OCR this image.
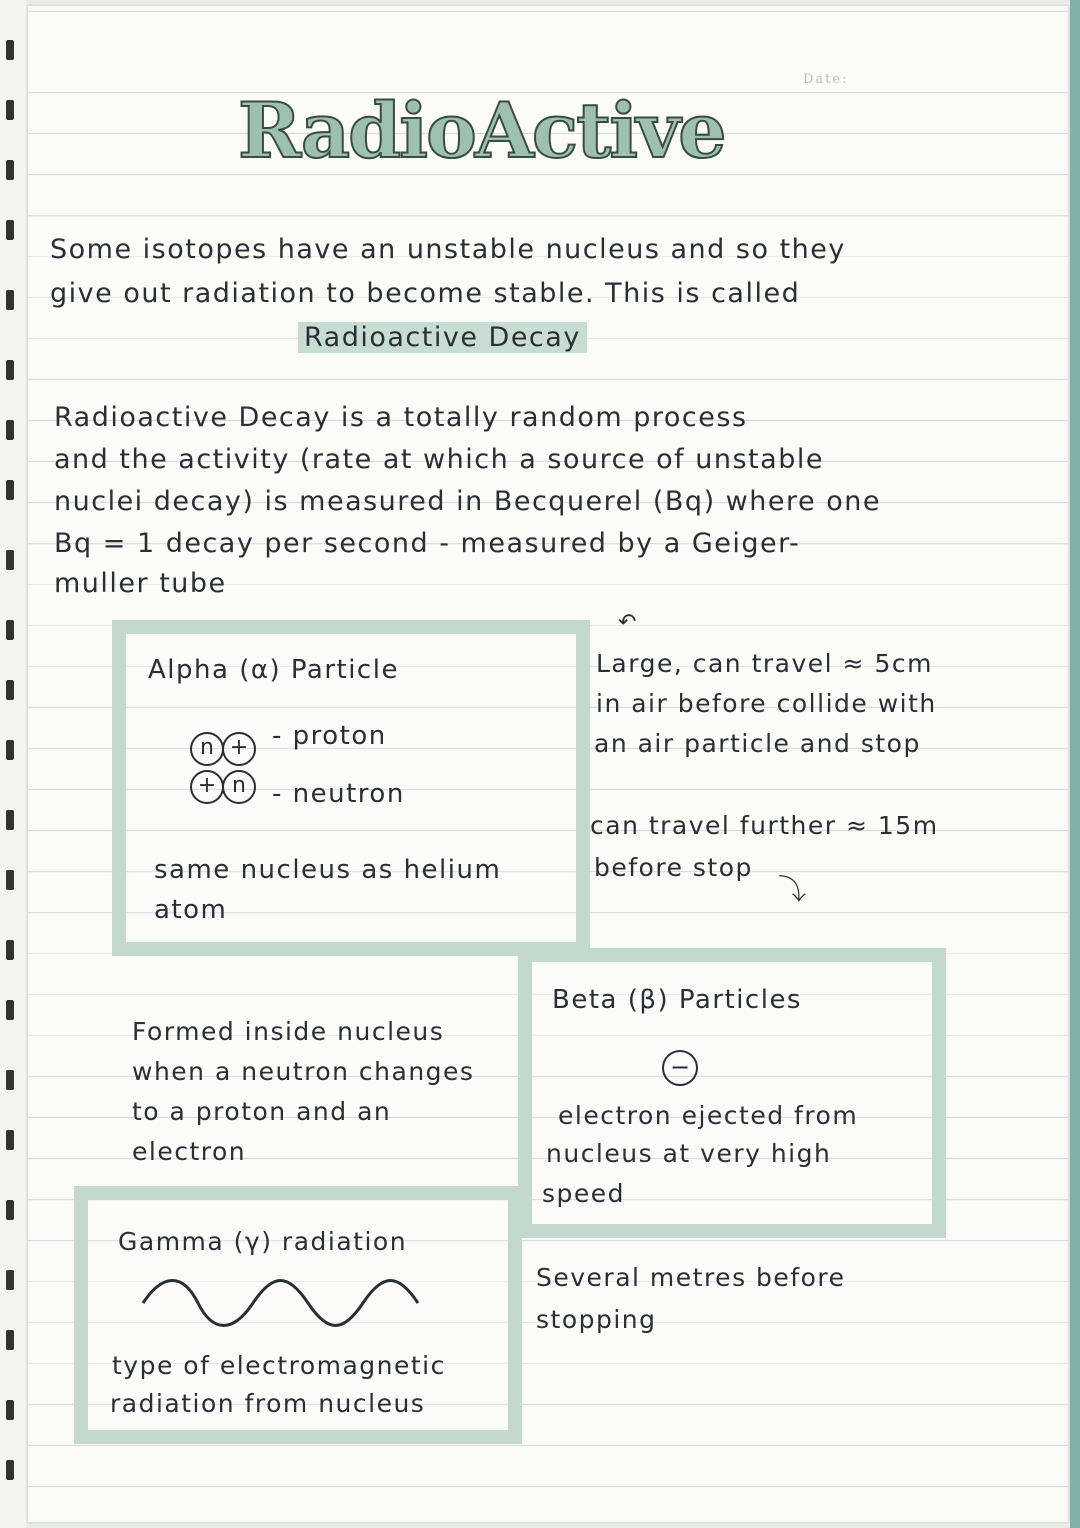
Date:
RadioActive
Some isotopes have an unstable nucleus and so they
give out radiation to become stable. This is called
Radioactive Decay
Radioactive Decay is a totally random process
and the activity (rate at which a source of unstable
nuclei decay) is measured in Becquerel (Bq) where one
Bq = 1 decay per second - measured by a Geiger-
muller tube
Alpha (α) Particle
n +
+ n
- proton
- neutron
same nucleus as helium
atom
↶
Large, can travel ≈ 5cm
in air before collide with
an air particle and stop
can travel further ≈ 15m
before stop
⤵
Beta (β) Particles
−
electron ejected from
nucleus at very high
speed
Formed inside nucleus
when a neutron changes
to a proton and an
electron
Gamma (γ) radiation
type of electromagnetic
radiation from nucleus
Several metres before
stopping
